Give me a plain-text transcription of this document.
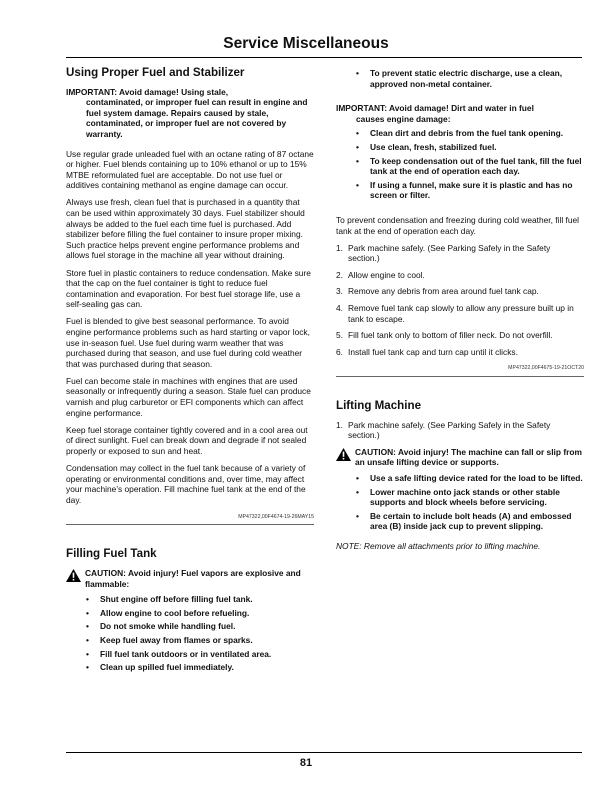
Service Miscellaneous
Using Proper Fuel and Stabilizer
IMPORTANT: Avoid damage! Using stale,
contaminated, or improper fuel can result in engine and fuel system damage. Repairs caused by stale, contaminated, or improper fuel are not covered by warranty.

Use regular grade unleaded fuel with an octane rating of 87 octane or higher. Fuel blends containing up to 10% ethanol or up to 15% MTBE reformulated fuel are acceptable. Do not use fuel or additives containing methanol as engine damage can occur.

Always use fresh, clean fuel that is purchased in a quantity that can be used within approximately 30 days. Fuel stabilizer should always be added to the fuel each time fuel is purchased. Add stabilizer before filling the fuel container to insure proper mixing. Such practice helps prevent engine performance problems and allows fuel storage in the machine all year without draining.

Store fuel in plastic containers to reduce condensation. Make sure that the cap on the fuel container is tight to reduce fuel contamination and evaporation. For best fuel storage life, use a self-sealing gas can.

Fuel is blended to give best seasonal performance. To avoid engine performance problems such as hard starting or vapor lock, use in-season fuel. Use fuel during warm weather that was purchased during that season, and use fuel during cold weather that was purchased during that season.

Fuel can become stale in machines with engines that are used seasonally or infrequently during a season. Stale fuel can produce varnish and plug carburetor or EFI components which can affect engine performance.

Keep fuel storage container tightly covered and in a cool area out of direct sunlight. Fuel can break down and degrade if not sealed properly or exposed to sun and heat.

Condensation may collect in the fuel tank because of a variety of operating or environmental conditions and, over time, may affect your machine’s operation. Fill machine fuel tank at the end of the day.

MP47322,00F4674-19-26MAY15
Filling Fuel Tank
CAUTION: Avoid injury! Fuel vapors are explosive and flammable:
• Shut engine off before filling fuel tank.
• Allow engine to cool before refueling.
• Do not smoke while handling fuel.
• Keep fuel away from flames or sparks.
• Fill fuel tank outdoors or in ventilated area.
• Clean up spilled fuel immediately.
• To prevent static electric discharge, use a clean, approved non-metal container.
IMPORTANT: Avoid damage! Dirt and water in fuel
causes engine damage:
• Clean dirt and debris from the fuel tank opening.
• Use clean, fresh, stabilized fuel.
• To keep condensation out of the fuel tank, fill the fuel tank at the end of operation each day.
• If using a funnel, make sure it is plastic and has no screen or filter.

To prevent condensation and freezing during cold weather, fill fuel tank at the end of operation each day.

1. Park machine safely. (See Parking Safely in the Safety section.)
2. Allow engine to cool.
3. Remove any debris from area around fuel tank cap.
4. Remove fuel tank cap slowly to allow any pressure built up in tank to escape.
5. Fill fuel tank only to bottom of filler neck. Do not overfill.
6. Install fuel tank cap and turn cap until it clicks.
MP47322,00F4675-19-21OCT20
Lifting Machine
1. Park machine safely. (See Parking Safely in the Safety section.)
CAUTION: Avoid injury! The machine can fall or slip from an unsafe lifting device or supports.
• Use a safe lifting device rated for the load to be lifted.
• Lower machine onto jack stands or other stable supports and block wheels before servicing.
• Be certain to include bolt heads (A) and embossed area (B) inside jack cup to prevent slipping.

NOTE: Remove all attachments prior to lifting machine.

81
